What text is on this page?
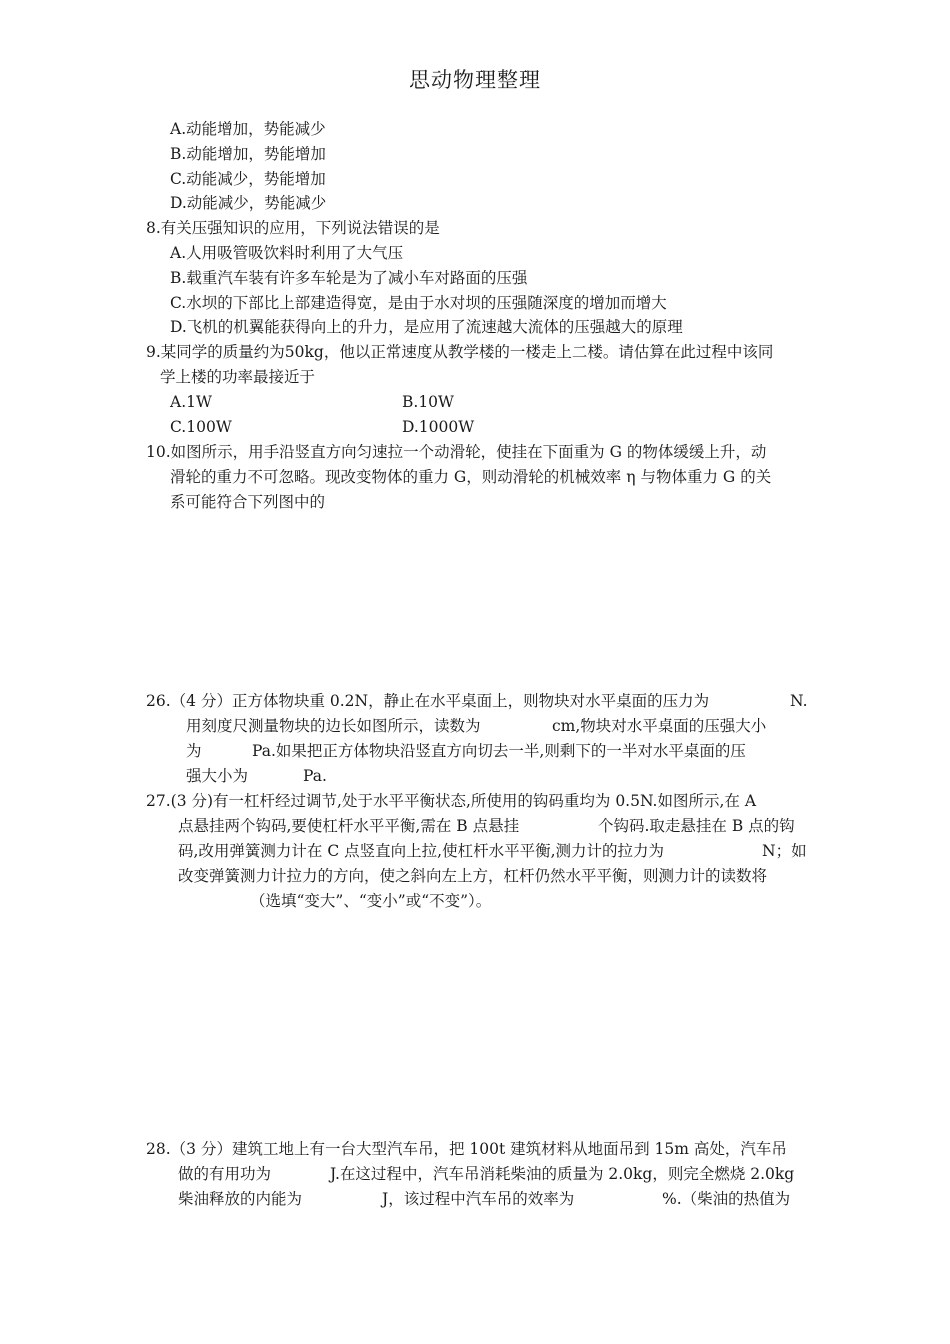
思动物理整理
A.动能增加，势能减少
B.动能增加，势能增加
C.动能减少，势能增加
D.动能减少，势能减少
8.有关压强知识的应用，下列说法错误的是
A.人用吸管吸饮料时利用了大气压
B.载重汽车装有许多车轮是为了减小车对路面的压强
C.水坝的下部比上部建造得宽，是由于水对坝的压强随深度的增加而增大
D.飞机的机翼能获得向上的升力，是应用了流速越大流体的压强越大的原理
9.某同学的质量约为50kg，他以正常速度从教学楼的一楼走上二楼。请估算在此过程中该同
学上楼的功率最接近于
A.1W	B.10W
C.100W	D.1000W
10.如图所示，用手沿竖直方向匀速拉一个动滑轮，使挂在下面重为 G 的物体缓缓上升，动
滑轮的重力不可忽略。现改变物体的重力 G，则动滑轮的机械效率 η 与物体重力 G 的关
系可能符合下列图中的
26.（4 分）正方体物块重 0.2N，静止在水平桌面上，则物块对水平桌面的压力为	N.
用刻度尺测量物块的边长如图所示，读数为	cm,物块对水平桌面的压强大小
为	Pa.如果把正方体物块沿竖直方向切去一半,则剩下的一半对水平桌面的压
强大小为	Pa.
27.(3 分)有一杠杆经过调节,处于水平平衡状态,所使用的钩码重均为 0.5N.如图所示,在 A
点悬挂两个钩码,要使杠杆水平平衡,需在 B 点悬挂	个钩码.取走悬挂在 B 点的钩
码,改用弹簧测力计在 C 点竖直向上拉,使杠杆水平平衡,测力计的拉力为	N；如
改变弹簧测力计拉力的方向，使之斜向左上方，杠杆仍然水平平衡，则测力计的读数将
（选填“变大”、“变小”或“不变”）。
28.（3 分）建筑工地上有一台大型汽车吊，把 100t 建筑材料从地面吊到 15m 高处，汽车吊
做的有用功为	J.在这过程中，汽车吊消耗柴油的质量为 2.0kg，则完全燃烧 2.0kg
柴油释放的内能为	J，该过程中汽车吊的效率为	%.（柴油的热值为
